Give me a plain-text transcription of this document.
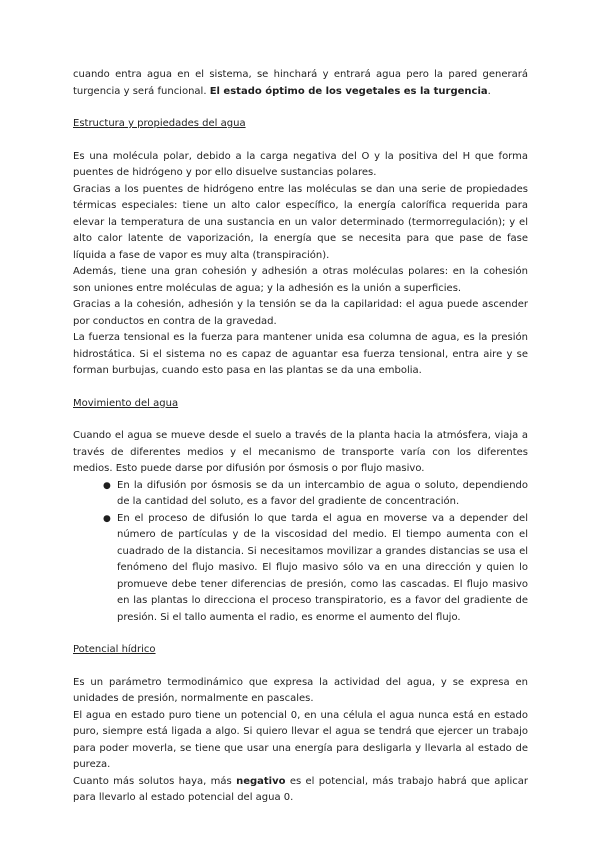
cuando entra agua en el sistema, se hinchará y entrará agua pero la pared generará turgencia y será funcional. El estado óptimo de los vegetales es la turgencia.

Estructura y propiedades del agua

Es una molécula polar, debido a la carga negativa del O y la positiva del H que forma puentes de hidrógeno y por ello disuelve sustancias polares.

Gracias a los puentes de hidrógeno entre las moléculas se dan una serie de propiedades térmicas especiales: tiene un alto calor específico, la energía calorífica requerida para elevar la temperatura de una sustancia en un valor determinado (termorregulación); y el alto calor latente de vaporización, la energía que se necesita para que pase de fase líquida a fase de vapor es muy alta (transpiración).

Además, tiene una gran cohesión y adhesión a otras moléculas polares: en la cohesión son uniones entre moléculas de agua; y la adhesión es la unión a superficies.

Gracias a la cohesión, adhesión y la tensión se da la capilaridad: el agua puede ascender por conductos en contra de la gravedad.

La fuerza tensional es la fuerza para mantener unida esa columna de agua, es la presión hidrostática. Si el sistema no es capaz de aguantar esa fuerza tensional, entra aire y se forman burbujas, cuando esto pasa en las plantas se da una embolia.

Movimiento del agua

Cuando el agua se mueve desde el suelo a través de la planta hacia la atmósfera, viaja a través de diferentes medios y el mecanismo de transporte varía con los diferentes medios. Esto puede darse por difusión por ósmosis o por flujo masivo.

● En la difusión por ósmosis se da un intercambio de agua o soluto, dependiendo de la cantidad del soluto, es a favor del gradiente de concentración.
● En el proceso de difusión lo que tarda el agua en moverse va a depender del número de partículas y de la viscosidad del medio. El tiempo aumenta con el cuadrado de la distancia. Si necesitamos movilizar a grandes distancias se usa el fenómeno del flujo masivo. El flujo masivo sólo va en una dirección y quien lo promueve debe tener diferencias de presión, como las cascadas. El flujo masivo en las plantas lo direcciona el proceso transpiratorio, es a favor del gradiente de presión. Si el tallo aumenta el radio, es enorme el aumento del flujo.

Potencial hídrico

Es un parámetro termodinámico que expresa la actividad del agua, y se expresa en unidades de presión, normalmente en pascales.

El agua en estado puro tiene un potencial 0, en una célula el agua nunca está en estado puro, siempre está ligada a algo. Si quiero llevar el agua se tendrá que ejercer un trabajo para poder moverla, se tiene que usar una energía para desligarla y llevarla al estado de pureza.

Cuanto más solutos haya, más negativo es el potencial, más trabajo habrá que aplicar para llevarlo al estado potencial del agua 0.
